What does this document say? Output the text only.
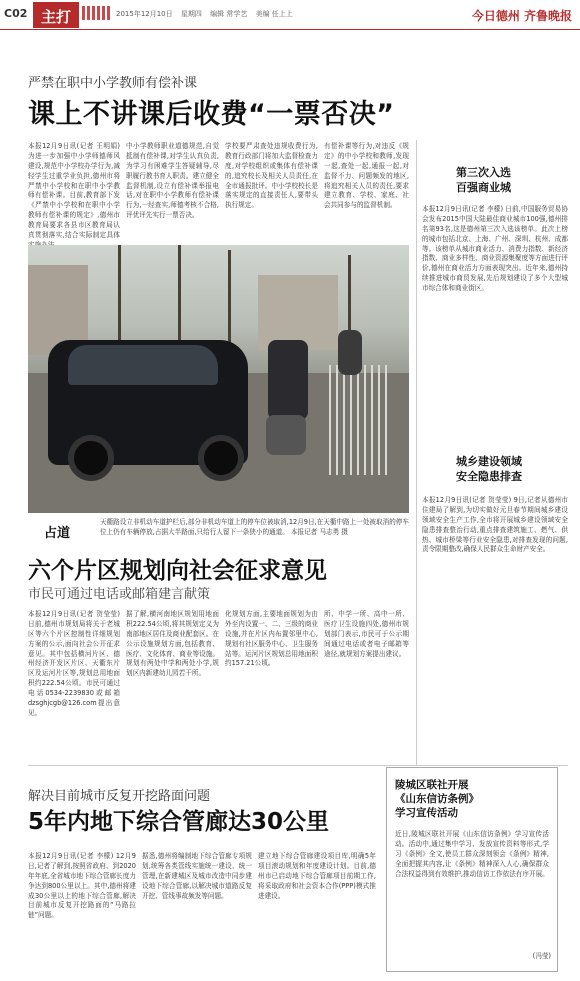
C02 主打	2015年12月10日 星期四 编辑 常学艺 美编 任上上	今日德州 齐鲁晚报
严禁在职中小学教师有偿补课
课上不讲课后收费“一票否决”
本报12月9日讯(记者 王明娟) 为进一步加强中小学师德师风建设,规范中小学校办学行为,减轻学生过重学业负担,德州市将严禁中小学校和在职中小学教师有偿补课。目前,教育部下发《严禁中小学校和在职中小学教师有偿补课的规定》,德州市教育局要求各县市区教育局认真贯彻落实,结合实际制定具体
中小学教师职业道德规范,自觉抵制有偿补课,对学生认真负责,为学习有困难学生答疑辅导,尽职履行教书育人职责。建立健全监督机制,设立有偿补课举报电话,对在职中小学教师有偿补课行为,一经查实,师德考核不合格,评优评先实行一票否决。
学校要严肃查处违规收费行为,教育行政部门将加大监督检查力度,对学校组织或集体有偿补课的,追究校长及相关人员责任,在全市通报批评。中小学校校长是落实规定的直接责任人,要带头执行规定。
有偿补课等行为,对违反《规定》的中小学校和教师,发现一起,查处一起,通报一起,对监督不力、问题频发的地区,将追究相关人员的责任,要求建立教育、学校、家庭、社会共同参与的监督机制。
第三次入选
百强商业城
本报12月9日讯(记者 李檬) 日前,中国服务贸易协会发布2015中国大陆最佳商业城市100强,德州排名第93名,这是德州第三次入选该榜单。此次上榜的城市包括北京、上海、广州、深圳、杭州、成都等。该榜单从城市商业活力、消费力指数、新经济指数、商业多样性、商业资源集聚度等方面进行评价,德州在商业活力方面表现突出。近年来,德州持续推进城市商贸发展,先后规划建设了多个大型城市综合体和商业街区。
占道
天衢路设立非机动车道护栏后,部分非机动车道上的停车位被取消,12月9日,在天衢中路上一处被取消的停车位上仍有车辆停放,占据大半路面,只给行人留下一条狭小的通道。 本报记者 马志勇 摄
城乡建设领域
安全隐患排查
本报12月9日讯(记者 贺莹莹) 9日,记者从德州市住建局了解到,为切实做好元旦春节期间城乡建设领域安全生产工作,全市将开展城乡建设领域安全隐患排查整治行动,重点排查建筑施工、燃气、供热、城市桥梁等行业安全隐患,对排查发现的问题,责令限期整改,确保人民群众生命财产安全。
六个片区规划向社会征求意见
市民可通过电话或邮箱建言献策
本报12月9日讯(记者 贺莹莹) 日前,德州市规划局将关于老城区等六个片区控制性详细规划方案的公示,面向社会公开征求意见。其中包括横河片区、德州经济开发区片区、天衢东片区及运河片区等,规划总用地面积约222.54公顷。市民可通过电话0534-2239830或邮箱dzsghjcgb@126.com提出意见。
据了解,横河南地区规划用地面积222.54公顷,将其规划定义为南部地区居住及商业配套区。在公示设施规划方面,包括教育、医疗、文化体育、商业等设施。规划有两处中学和两处小学,规划区内新建幼儿园若干所。
化规划方面,主要地面规划为由外至内设置一、二、三级的商业设施,并在片区内布置邻里中心,规划有社区服务中心、卫生服务站等。运河片区规划总用地面积约157.21公顷。
所、中学一所、高中一所、医疗卫生设施四处,德州市规划部门表示,市民可于公示期间通过电话或者电子邮箱等途径,就规划方案提出建议。
解决目前城市反复开挖路面问题
5年内地下综合管廊达30公里
本报12月9日讯(记者 李檬) 12月9日,记者了解到,按照省政府、到2020年年底,全省城市地下综合管廊长度力争达到800公里以上。其中,德州将建成30公里以上的地下综合管廊,解决目前城市反复开挖路面的“马路拉链”问题。
据悉,德州将编制地下综合管廊专项规划,统筹各类管线实施统一建设、统一管理,在新建城区及城市改造中同步建设地下综合管廊,以解决城市道路反复开挖、管线事故频发等问题。
建立地下综合管廊建设项目库,明确5年项目滚动规划和年度建设计划。目前,德州市已启动地下综合管廊项目前期工作,将采取政府和社会资本合作(PPP)模式推进建设。
陵城区联社开展
《山东信访条例》
学习宣传活动
近日,陵城区联社开展《山东信访条例》学习宣传活动。活动中,通过集中学习、发放宣传资料等形式,学习《条例》全文,使员工群众深刻领会《条例》精神,全面把握其内容,让《条例》精神深入人心,确保群众合法权益得到有效维护,推动信访工作依法有序开展。
(冯莹)
